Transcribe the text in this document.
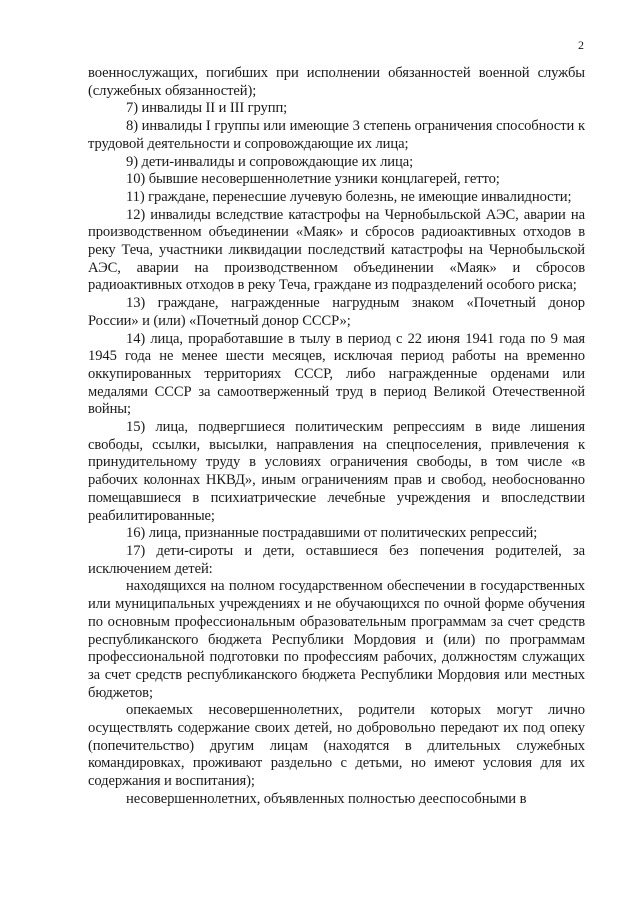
2

военнослужащих, погибших при исполнении обязанностей военной службы (служебных обязанностей);

7) инвалиды II и III групп;

8) инвалиды I группы или имеющие 3 степень ограничения способности к трудовой деятельности и сопровождающие их лица;

9) дети-инвалиды и сопровождающие их лица;

10) бывшие несовершеннолетние узники концлагерей, гетто;

11) граждане, перенесшие лучевую болезнь, не имеющие инвалидности;

12) инвалиды вследствие катастрофы на Чернобыльской АЭС, аварии на производственном объединении «Маяк» и сбросов радиоактивных отходов в реку Теча, участники ликвидации последствий катастрофы на Чернобыльской АЭС, аварии на производственном объединении «Маяк» и сбросов радиоактивных отходов в реку Теча, граждане из подразделений особого риска;

13) граждане, награжденные нагрудным знаком «Почетный донор России» и (или) «Почетный донор СССР»;

14) лица, проработавшие в тылу в период с 22 июня 1941 года по 9 мая 1945 года не менее шести месяцев, исключая период работы на временно оккупированных территориях СССР, либо награжденные орденами или медалями СССР за самоотверженный труд в период Великой Отечественной войны;

15) лица, подвергшиеся политическим репрессиям в виде лишения свободы, ссылки, высылки, направления на спецпоселения, привлечения к принудительному труду в условиях ограничения свободы, в том числе «в рабочих колоннах НКВД», иным ограничениям прав и свобод, необоснованно помещавшиеся в психиатрические лечебные учреждения и впоследствии реабилитированные;

16) лица, признанные пострадавшими от политических репрессий;

17) дети-сироты и дети, оставшиеся без попечения родителей, за исключением детей:

находящихся на полном государственном обеспечении в государственных или муниципальных учреждениях и не обучающихся по очной форме обучения по основным профессиональным образовательным программам за счет средств республиканского бюджета Республики Мордовия и (или) по программам профессиональной подготовки по профессиям рабочих, должностям служащих за счет средств республиканского бюджета Республики Мордовия или местных бюджетов;

опекаемых несовершеннолетних, родители которых могут лично осуществлять содержание своих детей, но добровольно передают их под опеку (попечительство) другим лицам (находятся в длительных служебных командировках, проживают раздельно с детьми, но имеют условия для их содержания и воспитания);

несовершеннолетних, объявленных полностью дееспособными в
